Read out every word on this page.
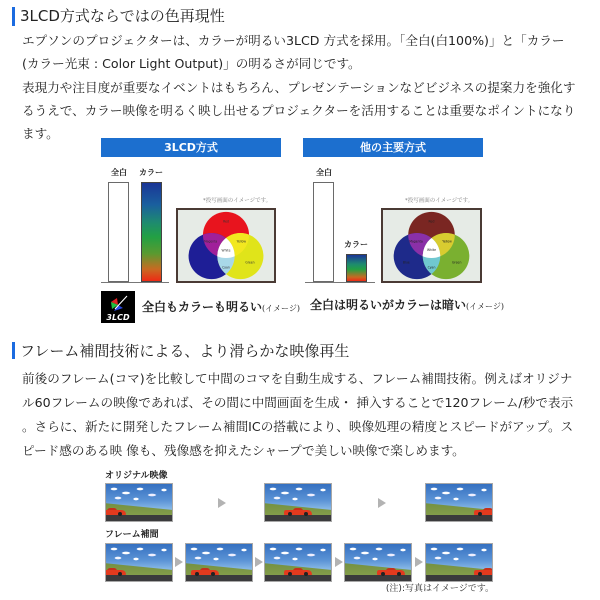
3LCD方式ならではの色再現性
エプソンのプロジェクターは、カラーが明るい3LCD 方式を採用。「全白(白100%)」と「カラー
(カラー光束 : Color Light Output)」の明るさが同じです。
表現力や注目度が重要なイベントはもちろん、プレゼンテーションなどビジネスの提案力を強化す
るうえで、カラー映像を明るく映し出せるプロジェクターを活用することは重要なポイントになり
ます。
3LCD方式
全白	カラー
*投写画面のイメージです。
Red
Magenta	Yellow
White
Cyan
Green
3LCD
全白もカラーも明るい(イメージ)
他の主要方式
全白
カラー
*投写画面のイメージです。
Red
Magenta	Yellow
White
Cyan
Blue	Green
全白は明るいがカラーは暗い(イメージ)
フレーム補間技術による、より滑らかな映像再生
前後のフレーム(コマ)を比較して中間のコマを自動生成する、フレーム補間技術。例えばオリジナ
ル60フレームの映像であれば、その間に中間画面を生成・ 挿入することで120フレーム/秒で表示
。さらに、新たに開発したフレーム補間ICの搭載により、映像処理の精度とスピードがアップ。ス
ピード感のある映 像も、残像感を抑えたシャープで美しい映像で楽しめます。
オリジナル映像
フレーム補間
(注):写真はイメージです。
